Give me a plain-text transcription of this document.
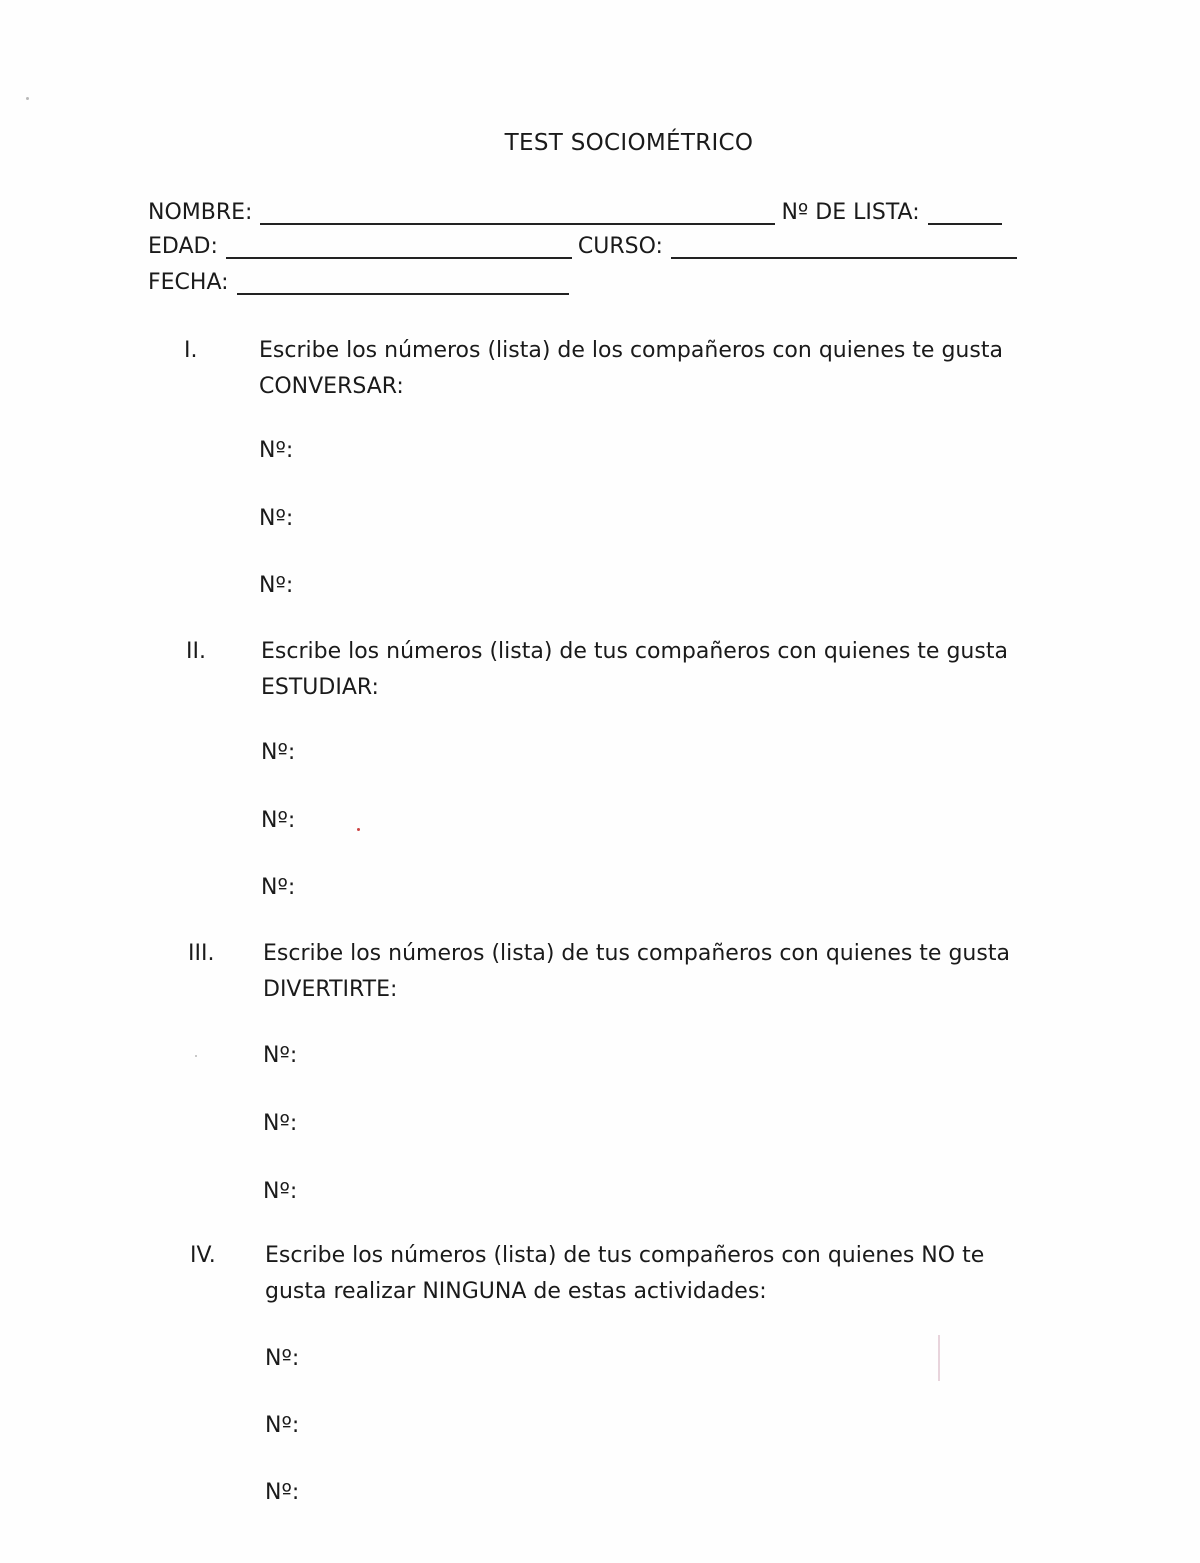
TEST SOCIOMÉTRICO
NOMBRE:	Nº DE LISTA:
EDAD:	CURSO:
FECHA:
I.	Escribe los números (lista) de los compañeros con quienes te gusta
CONVERSAR:
Nº:
Nº:
Nº:
II.	Escribe los números (lista) de tus compañeros con quienes te gusta
ESTUDIAR:
Nº:
Nº:
Nº:
III. Escribe los números (lista) de tus compañeros con quienes te gusta
DIVERTIRTE:
Nº:
Nº:
Nº:
IV. Escribe los números (lista) de tus compañeros con quienes NO te
gusta realizar NINGUNA de estas actividades:
Nº:
Nº:
Nº:
